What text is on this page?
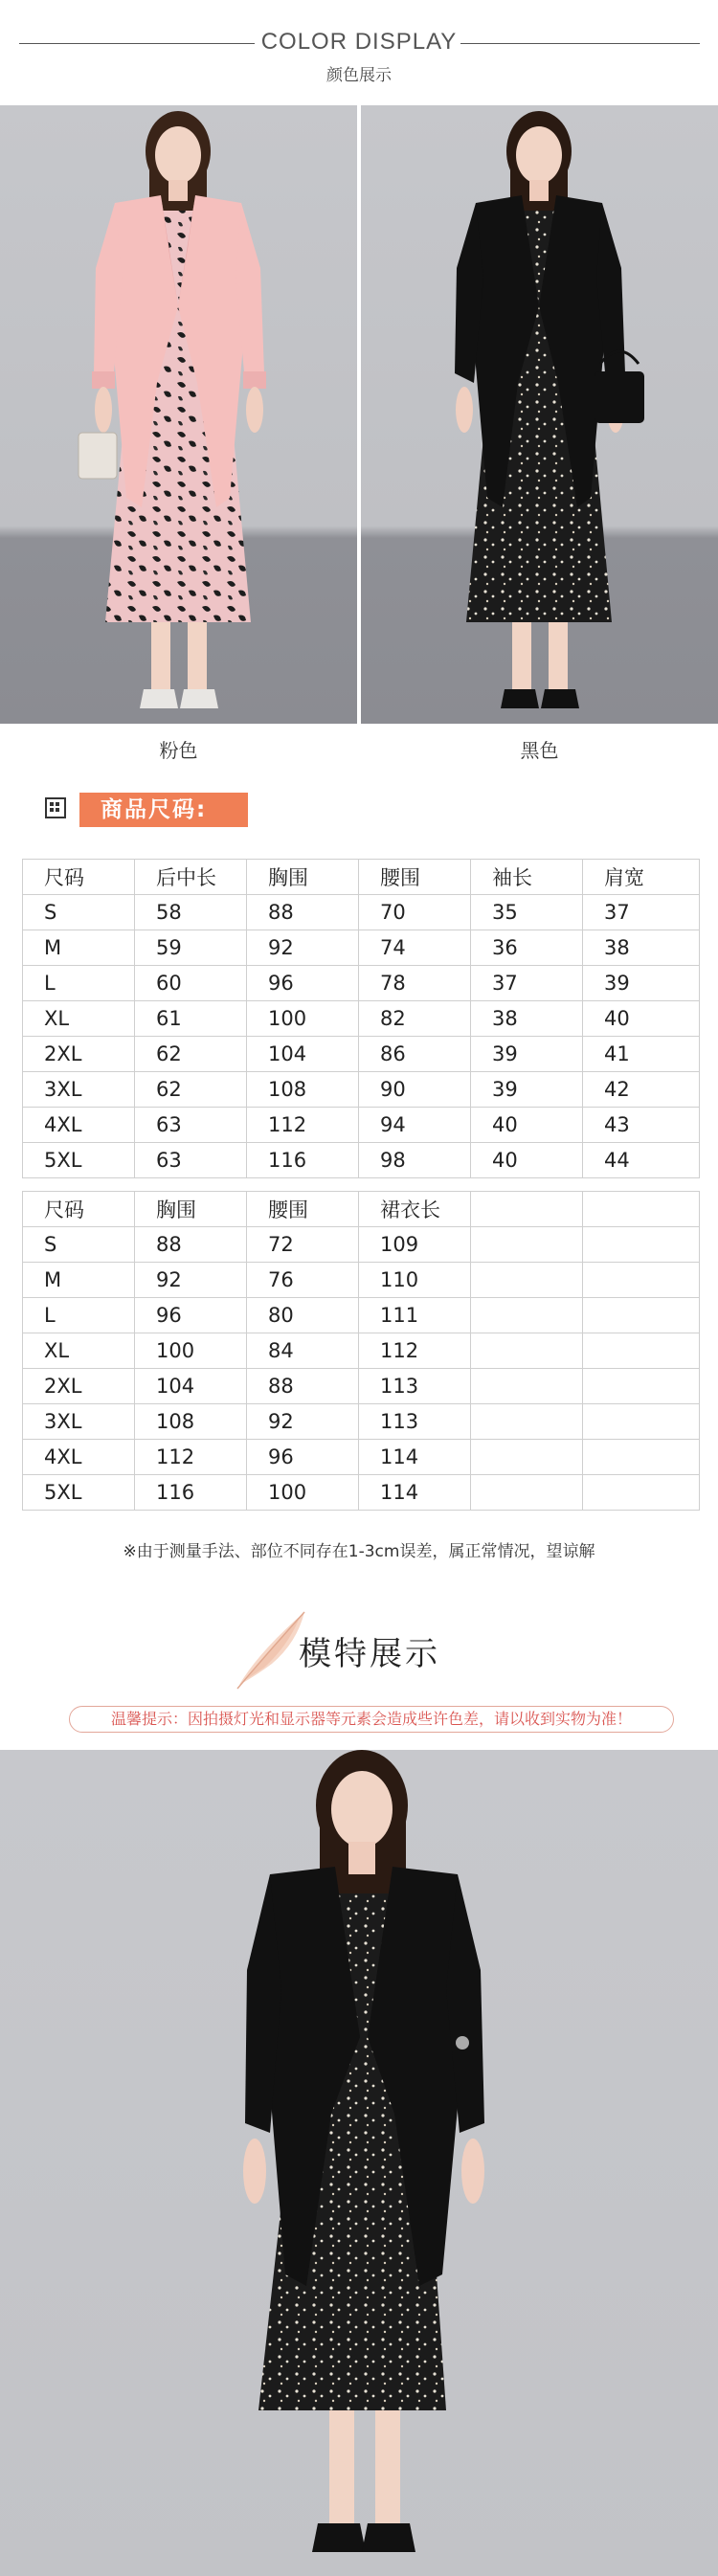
COLOR DISPLAY
颜色展示
粉色	黑色
商品尺码:
尺码	后中长	胸围	腰围	袖长	肩宽
S	58	88	70	35	37
M	59	92	74	36	38
L	60	96	78	37	39
XL	61	100	82	38	40
2XL	62	104	86	39	41
3XL	62	108	90	39	42
4XL	63	112	94	40	43
5XL	63	116	98	40	44
尺码	胸围	腰围	裙衣长		
S	88	72	109		
M	92	76	110		
L	96	80	111		
XL	100	84	112		
2XL	104	88	113		
3XL	108	92	113		
4XL	112	96	114		
5XL	116	100	114		
※由于测量手法、部位不同存在1-3cm误差，属正常情况，望谅解
模特展示
温馨提示：因拍摄灯光和显示器等元素会造成些许色差，请以收到实物为准！
